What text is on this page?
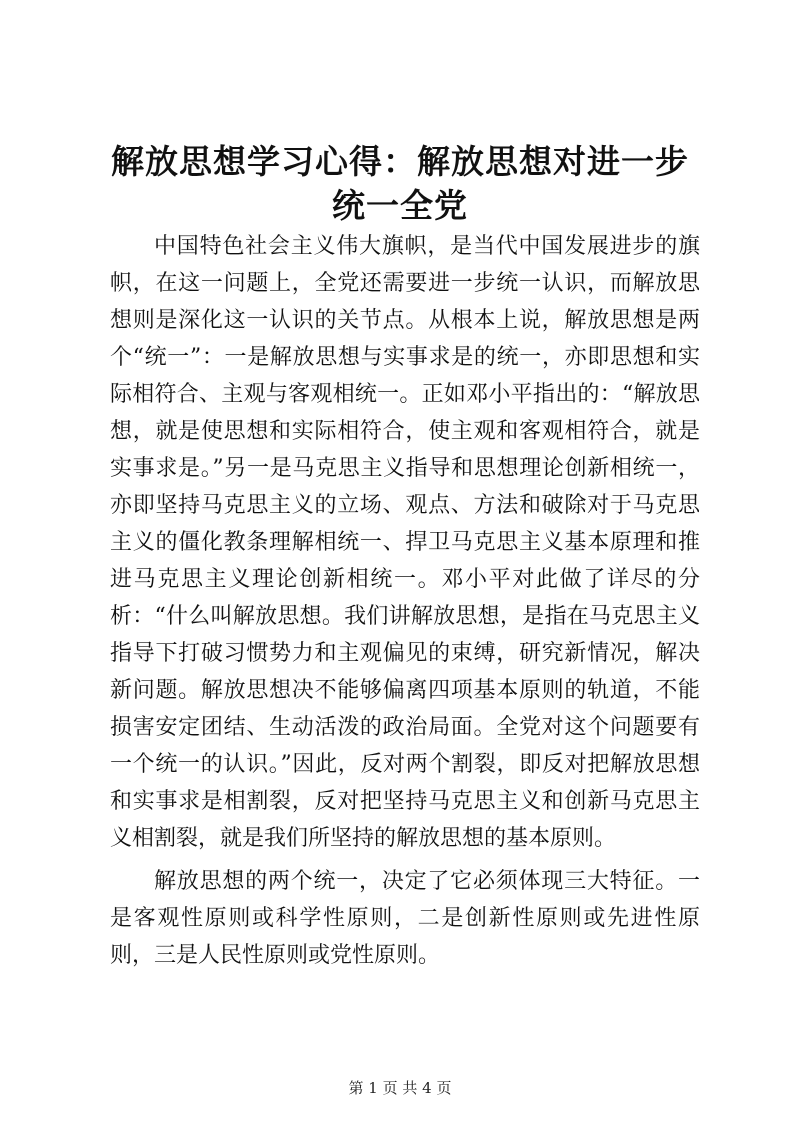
解放思想学习心得：解放思想对进一步统一全党

中国特色社会主义伟大旗帜，是当代中国发展进步的旗帜，在这一问题上，全党还需要进一步统一认识，而解放思想则是深化这一认识的关节点。从根本上说，解放思想是两个“统一”：一是解放思想与实事求是的统一，亦即思想和实际相符合、主观与客观相统一。正如邓小平指出的：“解放思想，就是使思想和实际相符合，使主观和客观相符合，就是实事求是。”另一是马克思主义指导和思想理论创新相统一，亦即坚持马克思主义的立场、观点、方法和破除对于马克思主义的僵化教条理解相统一、捍卫马克思主义基本原理和推进马克思主义理论创新相统一。邓小平对此做了详尽的分析：“什么叫解放思想。我们讲解放思想，是指在马克思主义指导下打破习惯势力和主观偏见的束缚，研究新情况，解决新问题。解放思想决不能够偏离四项基本原则的轨道，不能损害安定团结、生动活泼的政治局面。全党对这个问题要有一个统一的认识。”因此，反对两个割裂，即反对把解放思想和实事求是相割裂，反对把坚持马克思主义和创新马克思主义相割裂，就是我们所坚持的解放思想的基本原则。

解放思想的两个统一，决定了它必须体现三大特征。一是客观性原则或科学性原则，二是创新性原则或先进性原则，三是人民性原则或党性原则。

第 1 页 共 4 页
